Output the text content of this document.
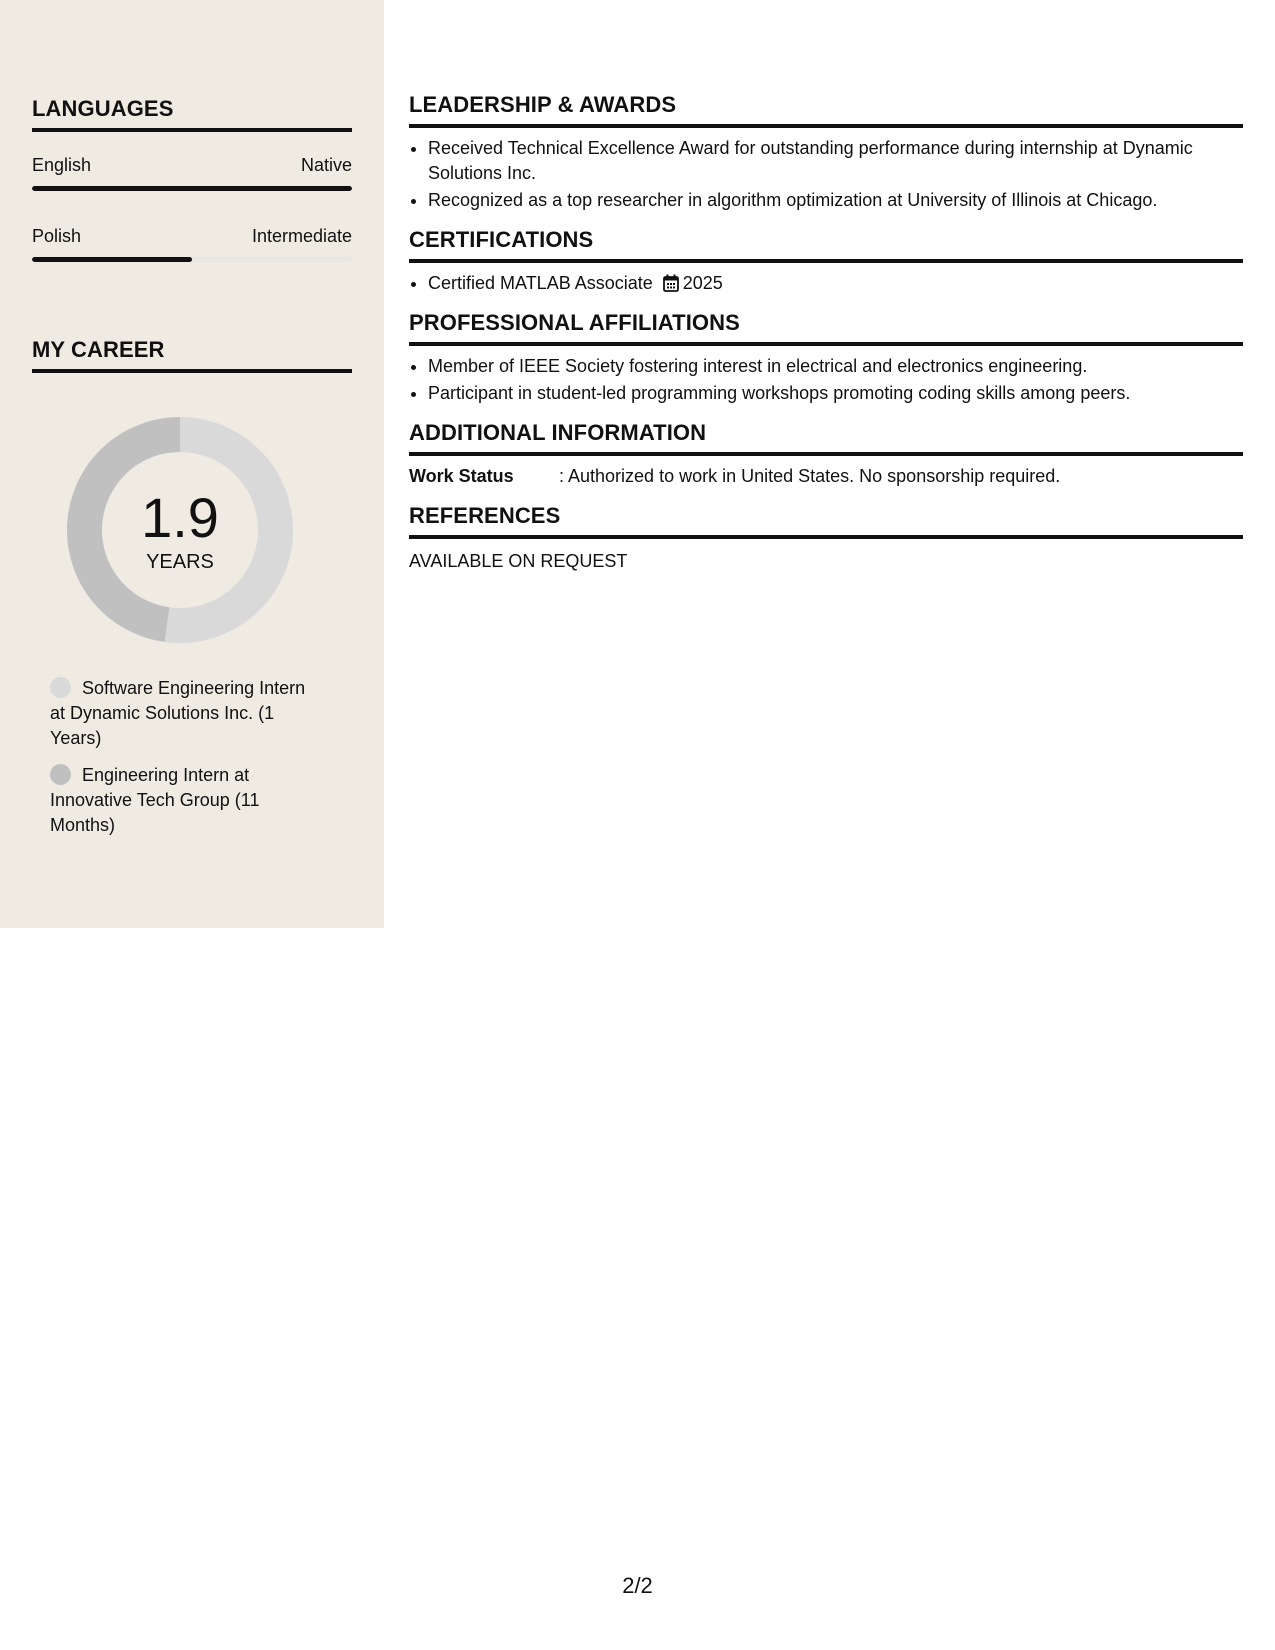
LANGUAGES
English	Native
Polish	Intermediate
MY CAREER
1.9
YEARS
Software Engineering Intern at Dynamic Solutions Inc. (1 Years)
Engineering Intern at Innovative Tech Group (11 Months)
LEADERSHIP & AWARDS
• Received Technical Excellence Award for outstanding performance during internship at Dynamic Solutions Inc.
• Recognized as a top researcher in algorithm optimization at University of Illinois at Chicago.
CERTIFICATIONS
• Certified MATLAB Associate 2025
PROFESSIONAL AFFILIATIONS
• Member of IEEE Society fostering interest in electrical and electronics engineering.
• Participant in student-led programming workshops promoting coding skills among peers.
ADDITIONAL INFORMATION
Work Status	: Authorized to work in United States. No sponsorship required.
REFERENCES
AVAILABLE ON REQUEST
2/2
